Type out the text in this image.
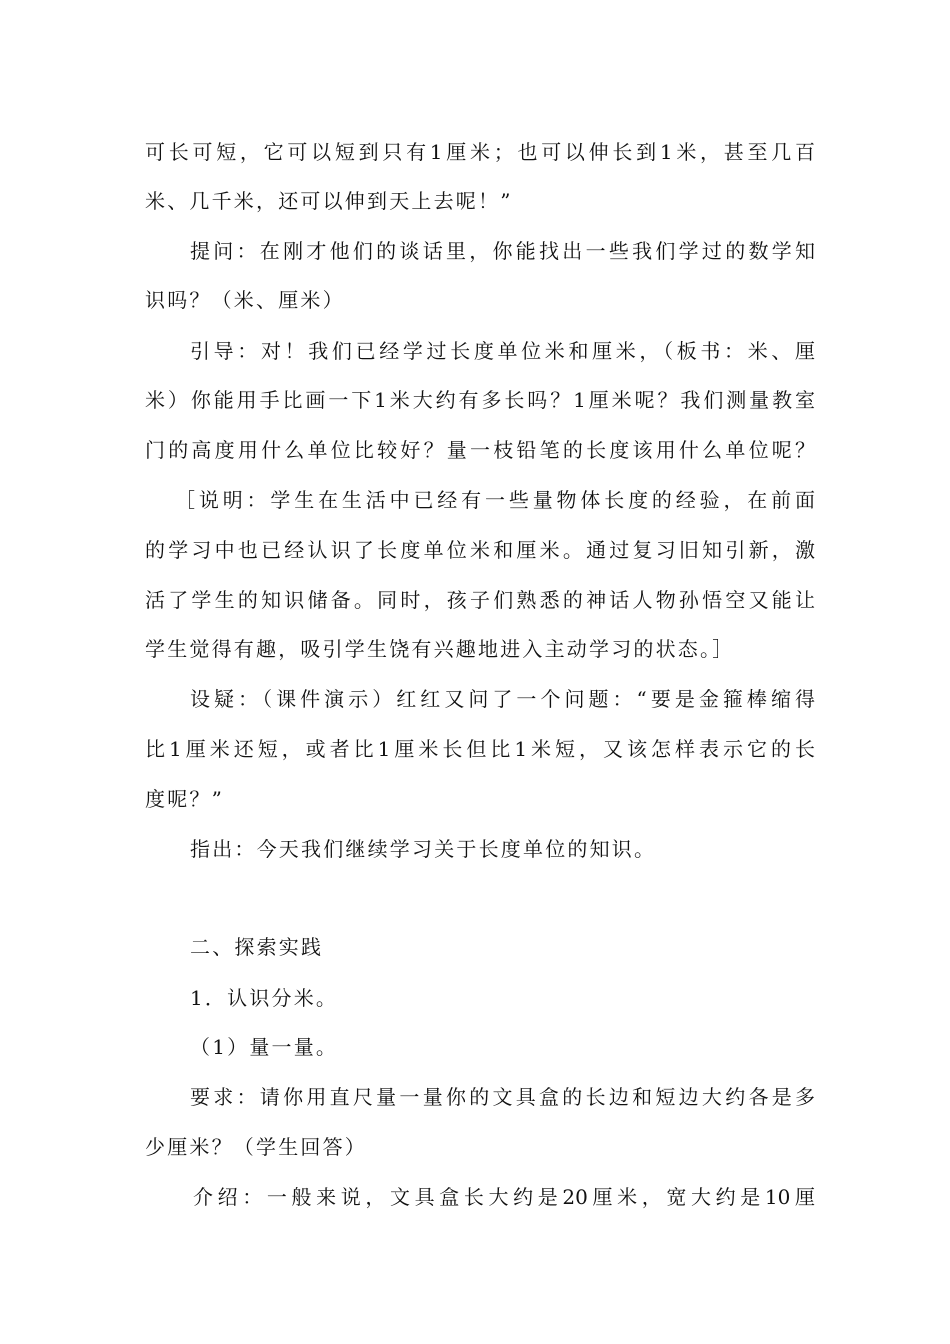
可长可短，它可以短到只有1厘米；也可以伸长到1米，甚至几百
米、几千米，还可以伸到天上去呢！”
提问：在刚才他们的谈话里，你能找出一些我们学过的数学知
识吗？（米、厘米）
引导：对！我们已经学过长度单位米和厘米，（板书：米、厘
米）你能用手比画一下1米大约有多长吗？1厘米呢？我们测量教室
门的高度用什么单位比较好？量一枝铅笔的长度该用什么单位呢？
［说明：学生在生活中已经有一些量物体长度的经验，在前面
的学习中也已经认识了长度单位米和厘米。通过复习旧知引新，激
活了学生的知识储备。同时，孩子们熟悉的神话人物孙悟空又能让
学生觉得有趣，吸引学生饶有兴趣地进入主动学习的状态。］
设疑：（课件演示）红红又问了一个问题：“要是金箍棒缩得
比1厘米还短，或者比1厘米长但比1米短，又该怎样表示它的长
度呢？”
指出：今天我们继续学习关于长度单位的知识。
二、探索实践
1．认识分米。
（1）量一量。
要求：请你用直尺量一量你的文具盒的长边和短边大约各是多
少厘米？（学生回答）
介绍：一般来说，文具盒长大约是20厘米，宽大约是10厘
